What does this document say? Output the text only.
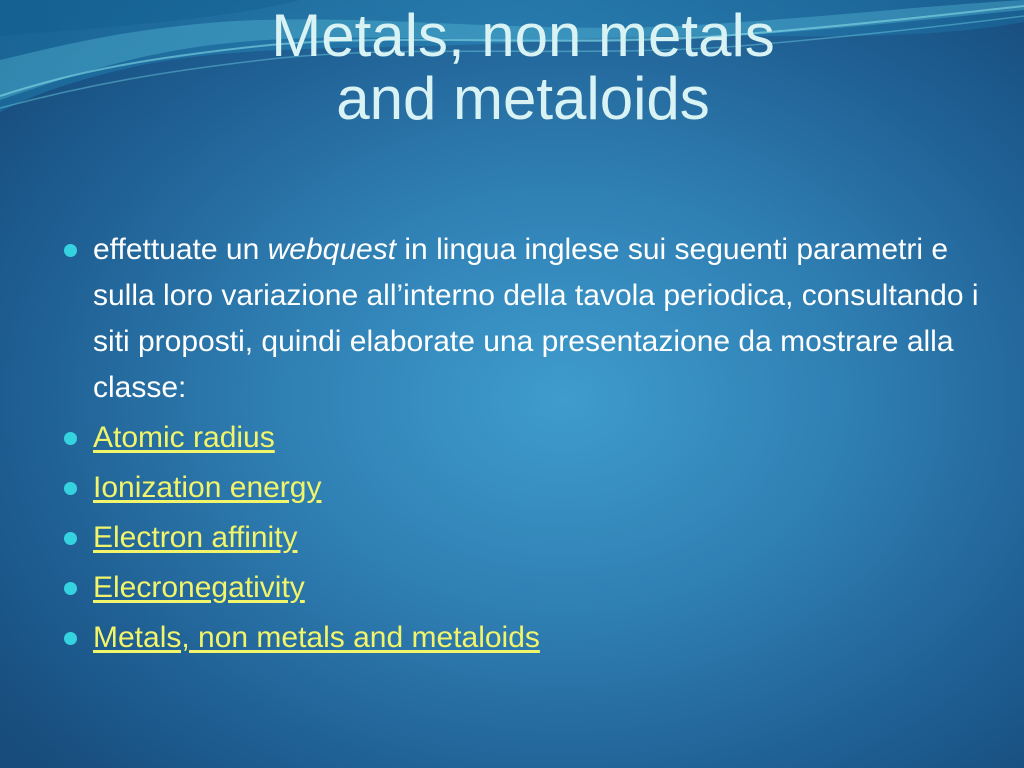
Metals, non metals
and metaloids
effettuate un webquest in lingua inglese sui seguenti parametri e sulla loro variazione all’interno della tavola periodica, consultando i siti proposti, quindi elaborate una presentazione da mostrare alla classe:
Atomic radius
Ionization energy
Electron affinity
Elecronegativity
Metals, non metals and metaloids
